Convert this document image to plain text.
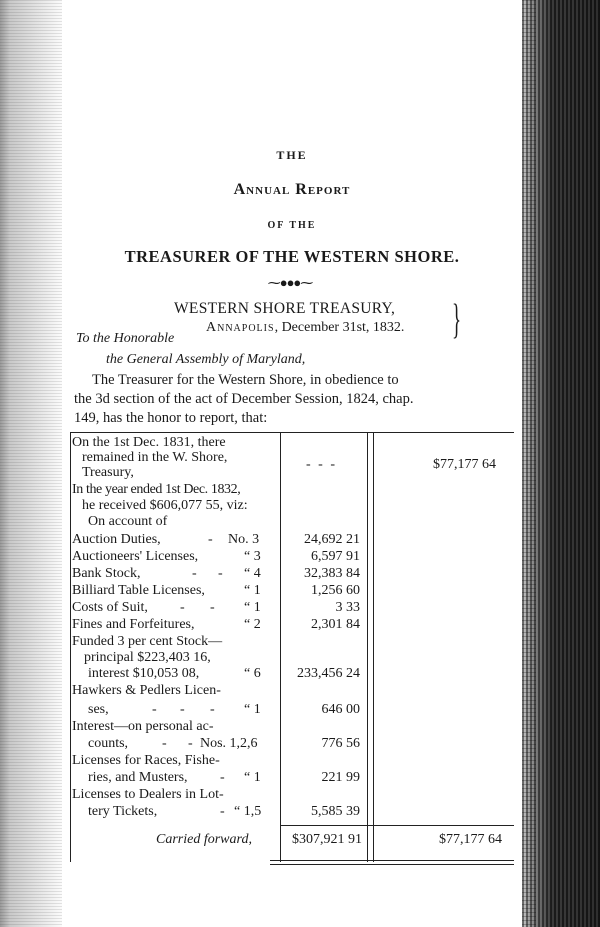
THE
Annual Report
OF THE
TREASURER OF THE WESTERN SHORE.
⁓●●●⁓
WESTERN SHORE TREASURY,
Annapolis, December 31st, 1832. }
To the Honorable
the General Assembly of Maryland,
The Treasurer for the Western Shore, in obedience to
the 3d section of the act of December Session, 1824, chap.
149, has the honor to report, that:
On the 1st Dec. 1831, there
remained in the W. Shore,
Treasury,
In the year ended 1st Dec. 1832,
he received $606,077 55, viz:
On account of
Auction Duties,
Auctioneers' Licenses,
Bank Stock,
Billiard Table Licenses,
Costs of Suit,
Fines and Forfeitures,
Funded 3 per cent Stock—
principal $223,403 16,
interest $10,053 08,
Hawkers & Pedlers Licen-
ses,
Interest—on personal ac-
counts,
Licenses for Races, Fishe-
ries, and Musters,
Licenses to Dealers in Lot-
tery Tickets,
Carried forward,
-
- -
- -
- - -
- -
-
-
- - -
No. 3
“ 3
“ 4
“ 1
“ 1
“ 2
“ 6
“ 1
Nos. 1,2,6
“ 1
“ 1,5
24,692 21
6,597 91
32,383 84
1,256 60
3 33
2,301 84
233,456 24
646 00
776 56
221 99
5,585 39
$307,921 91
$77,177 64
$77,177 64
